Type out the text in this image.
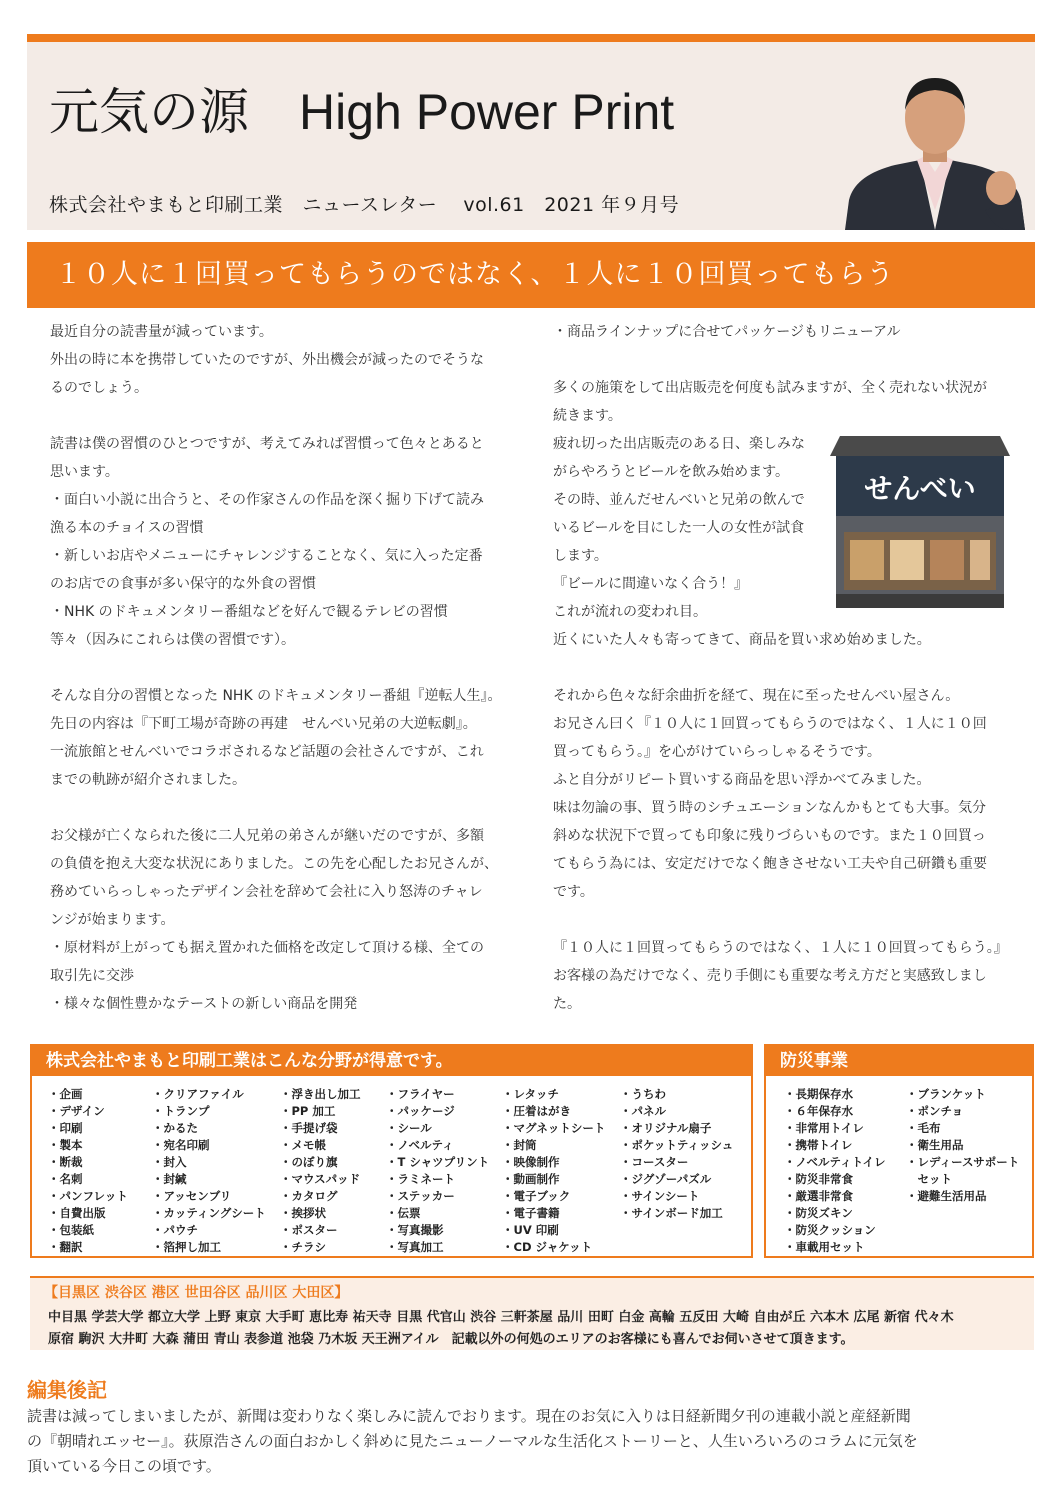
元気の源　High Power Print
株式会社やまもと印刷工業　ニュースレター　 vol.61　2021 年９月号
１０人に１回買ってもらうのではなく、１人に１０回買ってもらう

最近自分の読書量が減っています。

外出の時に本を携帯していたのですが、外出機会が減ったのでそうな

るのでしょう。

読書は僕の習慣のひとつですが、考えてみれば習慣って色々とあると

思います。

・面白い小説に出合うと、その作家さんの作品を深く掘り下げて読み

漁る本のチョイスの習慣

・新しいお店やメニューにチャレンジすることなく、気に入った定番

のお店での食事が多い保守的な外食の習慣

・NHK のドキュメンタリー番組などを好んで観るテレビの習慣

等々（因みにこれらは僕の習慣です）。

そんな自分の習慣となった NHK のドキュメンタリー番組『逆転人生』。

先日の内容は『下町工場が奇跡の再建　せんべい兄弟の大逆転劇』。

一流旅館とせんべいでコラボされるなど話題の会社さんですが、これ

までの軌跡が紹介されました。

お父様が亡くなられた後に二人兄弟の弟さんが継いだのですが、多額

の負債を抱え大変な状況にありました。この先を心配したお兄さんが、

務めていらっしゃったデザイン会社を辞めて会社に入り怒涛のチャレ

ンジが始まります。

・原材料が上がっても据え置かれた価格を改定して頂ける様、全ての

取引先に交渉

・様々な個性豊かなテーストの新しい商品を開発

・商品ラインナップに合せてパッケージもリニューアル

多くの施策をして出店販売を何度も試みますが、全く売れない状況が

続きます。

疲れ切った出店販売のある日、楽しみな

がらやろうとビールを飲み始めます。

その時、並んだせんべいと兄弟の飲んで

いるビールを目にした一人の女性が試食

します。

『ビールに間違いなく合う！』

これが流れの変われ目。

近くにいた人々も寄ってきて、商品を買い求め始めました。

それから色々な紆余曲折を経て、現在に至ったせんべい屋さん。

お兄さん曰く『１０人に１回買ってもらうのではなく、１人に１０回

買ってもらう。』を心がけていらっしゃるそうです。

ふと自分がリピート買いする商品を思い浮かべてみました。

味は勿論の事、買う時のシチュエーションなんかもとても大事。気分

斜めな状況下で買っても印象に残りづらいものです。また１０回買っ

てもらう為には、安定だけでなく飽きさせない工夫や自己研鑽も重要

です。

『１０人に１回買ってもらうのではなく、１人に１０回買ってもらう。』

お客様の為だけでなく、売り手側にも重要な考え方だと実感致しまし

た。

せんべい
株式会社やまもと印刷工業はこんな分野が得意です。
・企画
・デザイン
・印刷
・製本
・断裁
・名刺
・パンフレット
・自費出版
・包装紙
・翻訳
・クリアファイル
・トランプ
・かるた
・宛名印刷
・封入
・封緘
・アッセンブリ
・カッティングシート
・パウチ
・箔押し加工
・浮き出し加工
・PP 加工
・手提げ袋
・メモ帳
・のぼり旗
・マウスパッド
・カタログ
・挨拶状
・ポスター
・チラシ
・フライヤー
・パッケージ
・シール
・ノベルティ
・T シャツプリント
・ラミネート
・ステッカー
・伝票
・写真撮影
・写真加工
・レタッチ
・圧着はがき
・マグネットシート
・封筒
・映像制作
・動画制作
・電子ブック
・電子書籍
・UV 印刷
・CD ジャケット
・うちわ
・パネル
・オリジナル扇子
・ポケットティッシュ
・コースター
・ジグゾーパズル
・サインシート
・サインボード加工
防災事業
・長期保存水
・６年保存水
・非常用トイレ
・携帯トイレ
・ノベルティトイレ
・防災非常食
・厳選非常食
・防災ズキン
・防災クッション
・車載用セット
・ブランケット
・ポンチョ
・毛布
・衛生用品
・レディースサポート
　セット
・避難生活用品
【目黒区 渋谷区 港区 世田谷区 品川区 大田区】
中目黒 学芸大学 都立大学 上野 東京 大手町 恵比寿 祐天寺 目黒 代官山 渋谷 三軒茶屋 品川 田町 白金 高輪 五反田 大崎 自由が丘 六本木 広尾 新宿 代々木
原宿 駒沢 大井町 大森 蒲田 青山 表参道 池袋 乃木坂 天王洲アイル　記載以外の何処のエリアのお客様にも喜んでお伺いさせて頂きます。
編集後記

読書は減ってしまいましたが、新聞は変わりなく楽しみに読んでおります。現在のお気に入りは日経新聞夕刊の連載小説と産経新聞

の『朝晴れエッセー』。荻原浩さんの面白おかしく斜めに見たニューノーマルな生活化ストーリーと、人生いろいろのコラムに元気を

頂いている今日この頃です。
